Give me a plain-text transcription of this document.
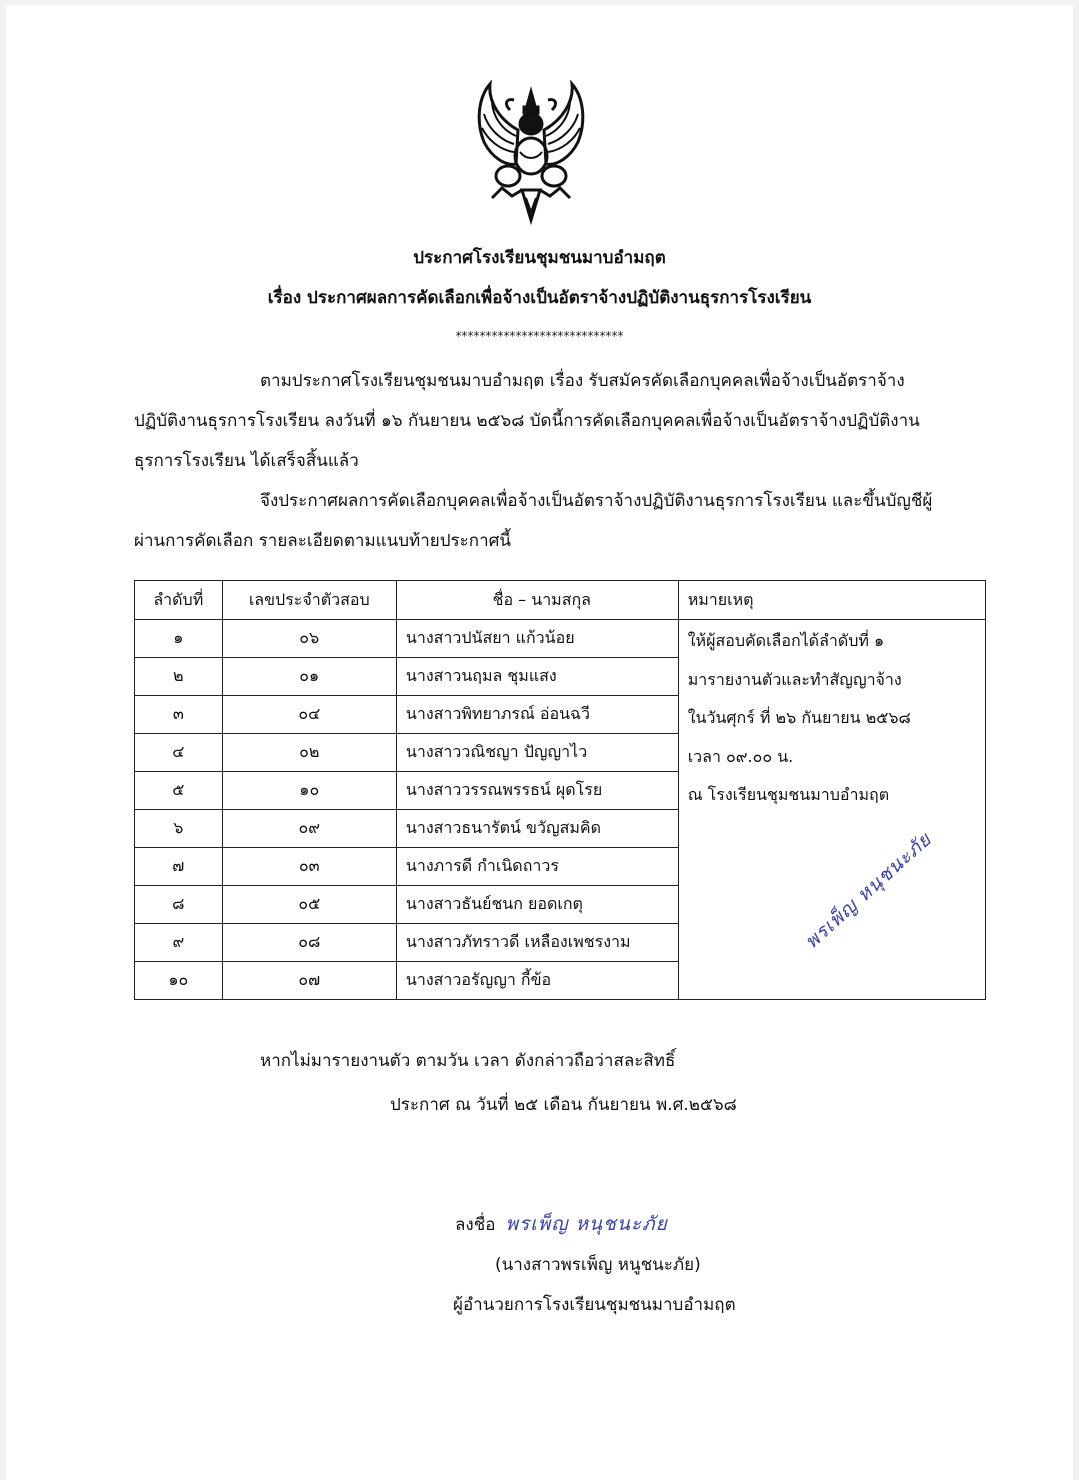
ประกาศโรงเรียนชุมชนมาบอำมฤต
เรื่อง ประกาศผลการคัดเลือกเพื่อจ้างเป็นอัตราจ้างปฏิบัติงานธุรการโรงเรียน
****************************
ตามประกาศโรงเรียนชุมชนมาบอำมฤต เรื่อง รับสมัครคัดเลือกบุคคลเพื่อจ้างเป็นอัตราจ้าง
ปฏิบัติงานธุรการโรงเรียน ลงวันที่ ๑๖ กันยายน ๒๕๖๘ บัดนี้การคัดเลือกบุคคลเพื่อจ้างเป็นอัตราจ้างปฏิบัติงาน
ธุรการโรงเรียน ได้เสร็จสิ้นแล้ว
จึงประกาศผลการคัดเลือกบุคคลเพื่อจ้างเป็นอัตราจ้างปฏิบัติงานธุรการโรงเรียน และขึ้นบัญชีผู้
ผ่านการคัดเลือก รายละเอียดตามแนบท้ายประกาศนี้
ลำดับที่	เลขประจำตัวสอบ	ชื่อ – นามสกุล	หมายเหตุ
๑	๐๖	นางสาวปนัสยา แก้วน้อย	ให้ผู้สอบคัดเลือกได้ลำดับที่ ๑
มารายงานตัวและทำสัญญาจ้าง
ในวันศุกร์ ที่ ๒๖ กันยายน ๒๕๖๘
เวลา ๐๙.๐๐ น.
ณ โรงเรียนชุมชนมาบอำมฤต

๒	๐๑	นางสาวนฤมล ชุมแสง	
๓	๐๔	นางสาวพิทยาภรณ์ อ่อนฉวี	
๔	๐๒	นางสาววณิชญา ปัญญาไว	
๕	๑๐	นางสาววรรณพรรธน์ ผุดโรย	
๖	๐๙	นางสาวธนารัตน์ ขวัญสมคิด	
๗	๐๓	นางภารดี กำเนิดถาวร	
๘	๐๕	นางสาวธันย์ชนก ยอดเกตุ	
๙	๐๘	นางสาวภัทราวดี เหลืองเพชรงาม	
๑๐	๐๗	นางสาวอรัญญา กี้ข้อ	
พรเพ็ญ หนุชนะภัย
หากไม่มารายงานตัว ตามวัน เวลา ดังกล่าวถือว่าสละสิทธิ์
ประกาศ ณ วันที่ ๒๕ เดือน กันยายน พ.ศ.๒๕๖๘
ลงชื่อ พรเพ็ญ หนุชนะภัย
(นางสาวพรเพ็ญ หนูชนะภัย)
ผู้อำนวยการโรงเรียนชุมชนมาบอำมฤต
